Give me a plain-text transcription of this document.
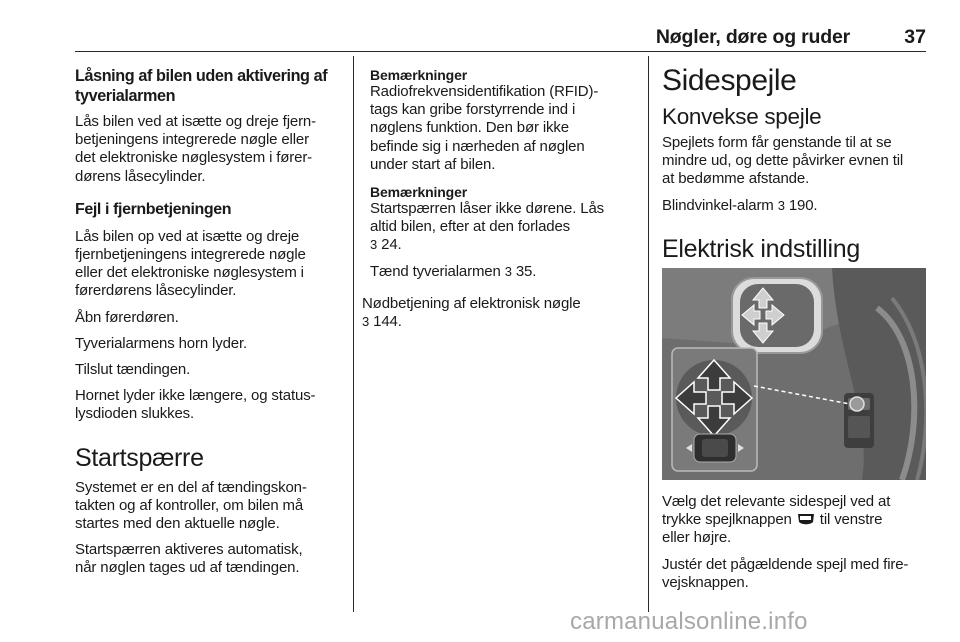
Nøgler, døre og ruder	37
Låsning af bilen uden aktivering af
tyverialarmen

Lås bilen ved at isætte og dreje fjern-
betjeningens integrerede nøgle eller
det elektroniske nøglesystem i fører-
dørens låsecylinder.

Fejl i fjernbetjeningen

Lås bilen op ved at isætte og dreje
fjernbetjeningens integrerede nøgle
eller det elektroniske nøglesystem i
førerdørens låsecylinder.

Åbn førerdøren.

Tyverialarmens horn lyder.

Tilslut tændingen.

Hornet lyder ikke længere, og status-
lysdioden slukkes.

Startspærre

Systemet er en del af tændingskon-
takten og af kontroller, om bilen må
startes med den aktuelle nøgle.

Startspærren aktiveres automatisk,
når nøglen tages ud af tændingen.

Bemærkninger

Radiofrekvensidentifikation (RFID)-
tags kan gribe forstyrrende ind i
nøglens funktion. Den bør ikke
befinde sig i nærheden af nøglen
under start af bilen.

Bemærkninger

Startspærren låser ikke dørene. Lås
altid bilen, efter at den forlades
3 24.

Tænd tyverialarmen 3 35.

Nødbetjening af elektronisk nøgle
3 144.

Sidespejle
Konvekse spejle

Spejlets form får genstande til at se
mindre ud, og dette påvirker evnen til
at bedømme afstande.

Blindvinkel-alarm 3 190.

Elektrisk indstilling

Vælg det relevante sidespejl ved at
trykke spejlknappen til venstre
eller højre.

Justér det pågældende spejl med fire-
vejsknappen.

carmanualsonline.info
